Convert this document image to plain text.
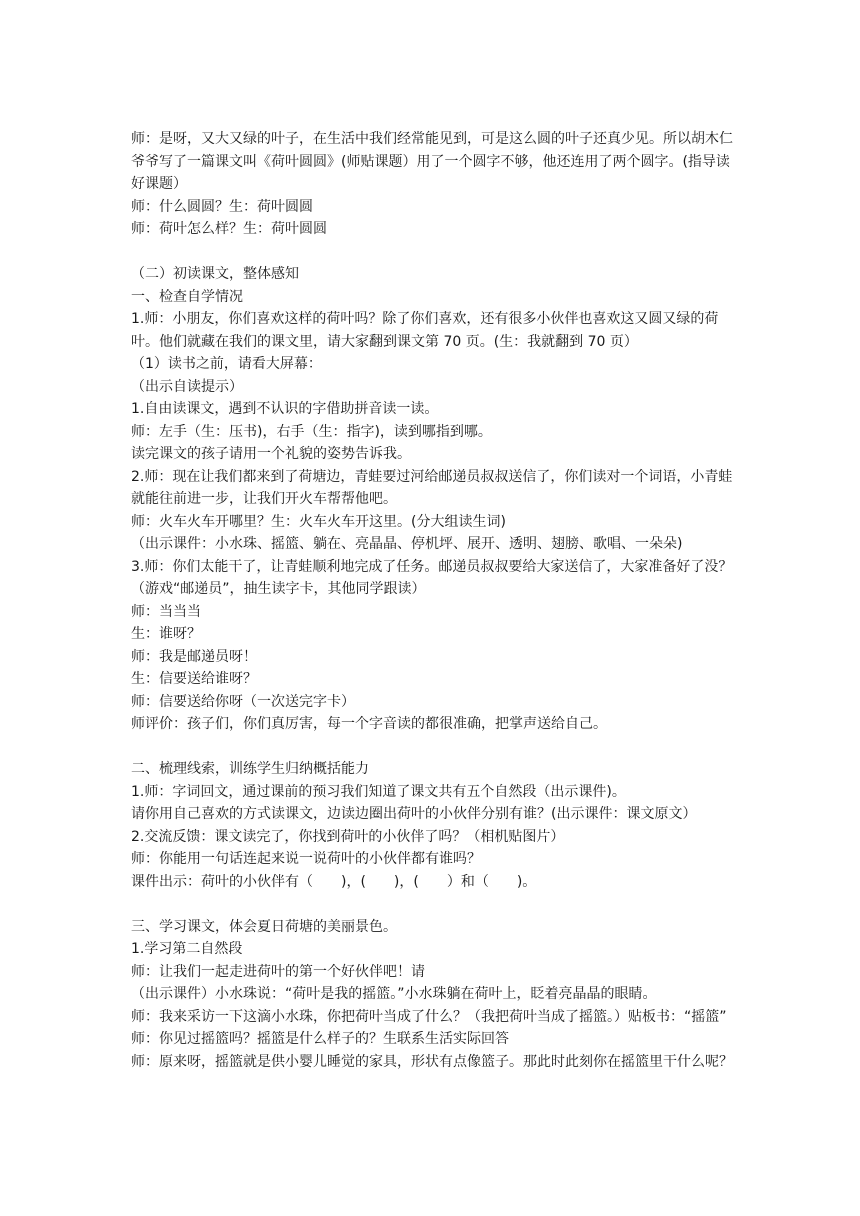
师：是呀，又大又绿的叶子，在生活中我们经常能见到，可是这么圆的叶子还真少见。所以胡木仁爷爷写了一篇课文叫《荷叶圆圆》(师贴课题）用了一个圆字不够，他还连用了两个圆字。(指导读好课题）

师：什么圆圆？生：荷叶圆圆

师：荷叶怎么样？生：荷叶圆圆

（二）初读课文，整体感知

一、检查自学情况

1.师：小朋友，你们喜欢这样的荷叶吗？除了你们喜欢，还有很多小伙伴也喜欢这又圆又绿的荷叶。他们就藏在我们的课文里，请大家翻到课文第 70 页。(生：我就翻到 70 页）

（1）读书之前，请看大屏幕：

（出示自读提示）

1.自由读课文，遇到不认识的字借助拼音读一读。

师：左手（生：压书)，右手（生：指字)，读到哪指到哪。

读完课文的孩子请用一个礼貌的姿势告诉我。

2.师：现在让我们都来到了荷塘边，青蛙要过河给邮递员叔叔送信了，你们读对一个词语，小青蛙就能往前进一步，让我们开火车帮帮他吧。

师：火车火车开哪里？生：火车火车开这里。(分大组读生词)

（出示课件：小水珠、摇篮、躺在、亮晶晶、停机坪、展开、透明、翅膀、歌唱、一朵朵)

3.师：你们太能干了，让青蛙顺利地完成了任务。邮递员叔叔要给大家送信了，大家准备好了没？（游戏“邮递员”，抽生读字卡，其他同学跟读）

师：当当当

生：谁呀？

师：我是邮递员呀！

生：信要送给谁呀？

师：信要送给你呀（一次送完字卡）

师评价：孩子们，你们真厉害，每一个字音读的都很准确，把掌声送给自己。

二、梳理线索，训练学生归纳概括能力

1.师：字词回文，通过课前的预习我们知道了课文共有五个自然段（出示课件)。

请你用自己喜欢的方式读课文，边读边圈出荷叶的小伙伴分别有谁？(出示课件：课文原文）

2.交流反馈：课文读完了，你找到荷叶的小伙伴了吗？（相机贴图片）

师：你能用一句话连起来说一说荷叶的小伙伴都有谁吗？

课件出示：荷叶的小伙伴有（　　)，(　　)，(　　）和（　　)。

三、学习课文，体会夏日荷塘的美丽景色。

1.学习第二自然段

师：让我们一起走进荷叶的第一个好伙伴吧！请

（出示课件）小水珠说：“荷叶是我的摇篮。”小水珠躺在荷叶上，眨着亮晶晶的眼睛。

师：我来采访一下这滴小水珠，你把荷叶当成了什么？（我把荷叶当成了摇篮。）贴板书：“摇篮”

师：你见过摇篮吗？摇篮是什么样子的？生联系生活实际回答

师：原来呀，摇篮就是供小婴儿睡觉的家具，形状有点像篮子。那此时此刻你在摇篮里干什么呢？
